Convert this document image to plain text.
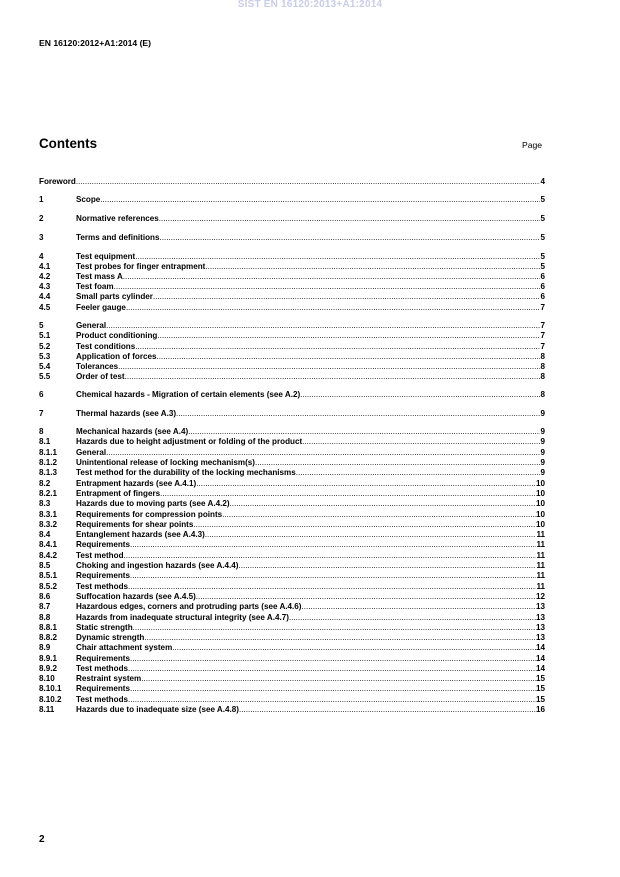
SIST EN 16120:2013+A1:2014
EN 16120:2012+A1:2014 (E)
Contents	Page
Foreword .....	4
1	Scope .....	5
2	Normative references .....	5
3	Terms and definitions .....	5
4	Test equipment .....	5
4.1	Test probes for finger entrapment .....	5
4.2	Test mass A .....	6
4.3	Test foam .....	6
4.4	Small parts cylinder .....	6
4.5	Feeler gauge .....	7
5	General .....	7
5.1	Product conditioning .....	7
5.2	Test conditions .....	7
5.3	Application of forces .....	8
5.4	Tolerances .....	8
5.5	Order of test .....	8
6	Chemical hazards - Migration of certain elements (see A.2) .....	8
7	Thermal hazards (see A.3) .....	9
8	Mechanical hazards (see A.4) .....	9
8.1	Hazards due to height adjustment or folding of the product .....	9
8.1.1	General .....	9
8.1.2	Unintentional release of locking mechanism(s) .....	9
8.1.3	Test method for the durability of the locking mechanisms .....	9
8.2	Entrapment hazards (see A.4.1) .....	10
8.2.1	Entrapment of fingers .....	10
8.3	Hazards due to moving parts (see A.4.2) .....	10
8.3.1	Requirements for compression points .....	10
8.3.2	Requirements for shear points .....	10
8.4	Entanglement hazards (see A.4.3) .....	11
8.4.1	Requirements .....	11
8.4.2	Test method .....	11
8.5	Choking and ingestion hazards (see A.4.4) .....	11
8.5.1	Requirements .....	11
8.5.2	Test methods .....	11
8.6	Suffocation hazards (see A.4.5) .....	12
8.7	Hazardous edges, corners and protruding parts (see A.4.6) .....	13
8.8	Hazards from inadequate structural integrity (see A.4.7) .....	13
8.8.1	Static strength .....	13
8.8.2	Dynamic strength .....	13
8.9	Chair attachment system .....	14
8.9.1	Requirements .....	14
8.9.2	Test methods .....	14
8.10	Restraint system .....	15
8.10.1	Requirements .....	15
8.10.2	Test methods .....	15
8.11	Hazards due to inadequate size (see A.4.8) .....	16
2
